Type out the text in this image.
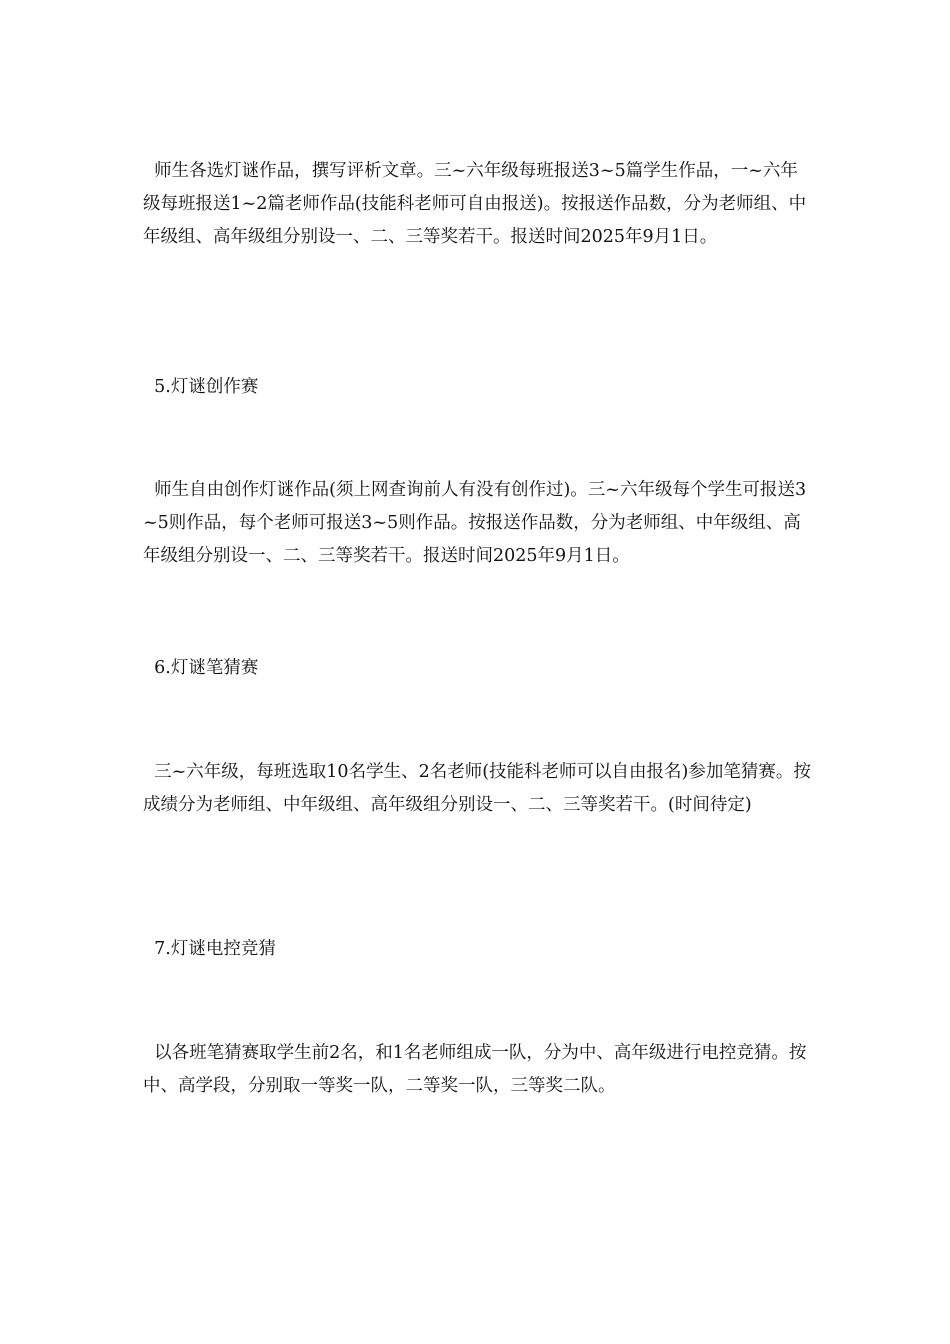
师生各选灯谜作品，撰写评析文章。三~六年级每班报送3~5篇学生作品，一~六年级每班报送1~2篇老师作品(技能科老师可自由报送)。按报送作品数，分为老师组、中年级组、高年级组分别设一、二、三等奖若干。报送时间2025年9月1日。

5.灯谜创作赛

师生自由创作灯谜作品(须上网查询前人有没有创作过)。三~六年级每个学生可报送3~5则作品，每个老师可报送3~5则作品。按报送作品数，分为老师组、中年级组、高年级组分别设一、二、三等奖若干。报送时间2025年9月1日。

6.灯谜笔猜赛

三~六年级，每班选取10名学生、2名老师(技能科老师可以自由报名)参加笔猜赛。按成绩分为老师组、中年级组、高年级组分别设一、二、三等奖若干。(时间待定)

7.灯谜电控竞猜

以各班笔猜赛取学生前2名，和1名老师组成一队，分为中、高年级进行电控竞猜。按中、高学段，分别取一等奖一队，二等奖一队，三等奖二队。
